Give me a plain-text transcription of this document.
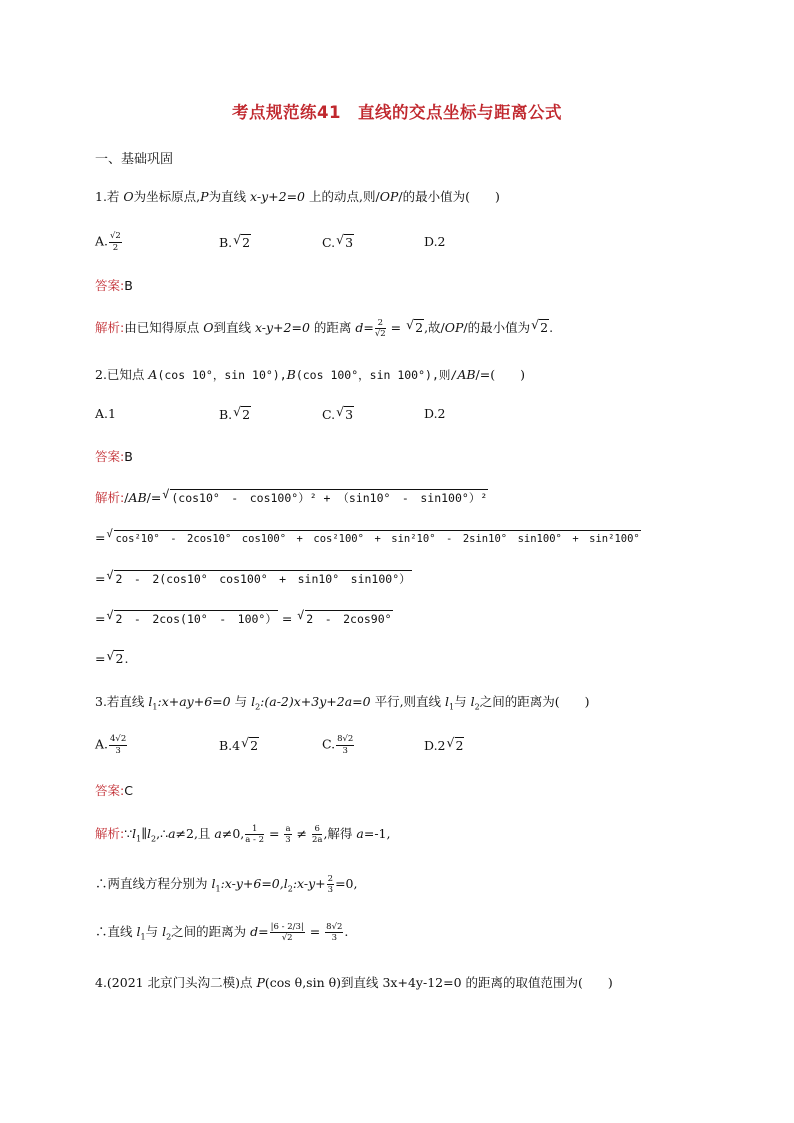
考点规范练41　直线的交点坐标与距离公式
一、基础巩固
1.若 O为坐标原点,P为直线 x-y+2=0 上的动点,则/OP/的最小值为(　　)
A. $\frac{√2}{2}$	B. √ 2	C. √ 3	D.2
答案:B
解析:由已知得原点 O到直线 x-y+2=0 的距离 $d= \frac{2}{√2}$ = √ 2,故/OP/的最小值为 √ 2.
2.已知点 A(cos 10°，sin 10°),B(cos 100°，sin 100°),则/AB/=(　　)
A.1	B. √ 2	C. √ 3	D.2
答案:B
解析:/AB/= √ (cos10°　-　cos100°）² + （sin10°　-　sin100°）²
= √ cos²10°　-　2cos10°　cos100°　+　cos²100°　+　sin²10°　-　2sin10°　sin100°　+　sin²100°
= √ 2　-　2(cos10°　cos100°　+　sin10°　sin100°）
= √ 2　-　2cos(10°　-　100°） = √ 2　-　2cos90°
= √ 2.
3.若直线 $l_1:x+ay+6=0$ 与 $l_2:(a-2)x+3y+2a=0$ 平行,则直线 $l_1$与 $l_2$之间的距离为(　　)
A. $\frac{4√2}{3}$	B.4 √ 2	C. $\frac{8√2}{3}$	D.2 √ 2
答案:C
解析$:\because l_1\parallel l_2,\therefore a\ne 2$,且 a≠0, $\frac{1}{a - 2} = \frac{a}{3} \ne \frac{6}{2a}$ ,解得 a=-1,
∴两直线方程分别为 $l_1:x-y+6=0,l_2:x-y+ \frac{2}{3} =0$,
∴直线 $l_1$与 $l_2$之间的距离为 $d= \frac{|6 - 2/3|}{√2} = \frac{8√2}{3}$ .
4.(2021 北京门头沟二模)点 P(cos θ,sin θ)到直线 3x+4y-12=0 的距离的取值范围为(　　)
